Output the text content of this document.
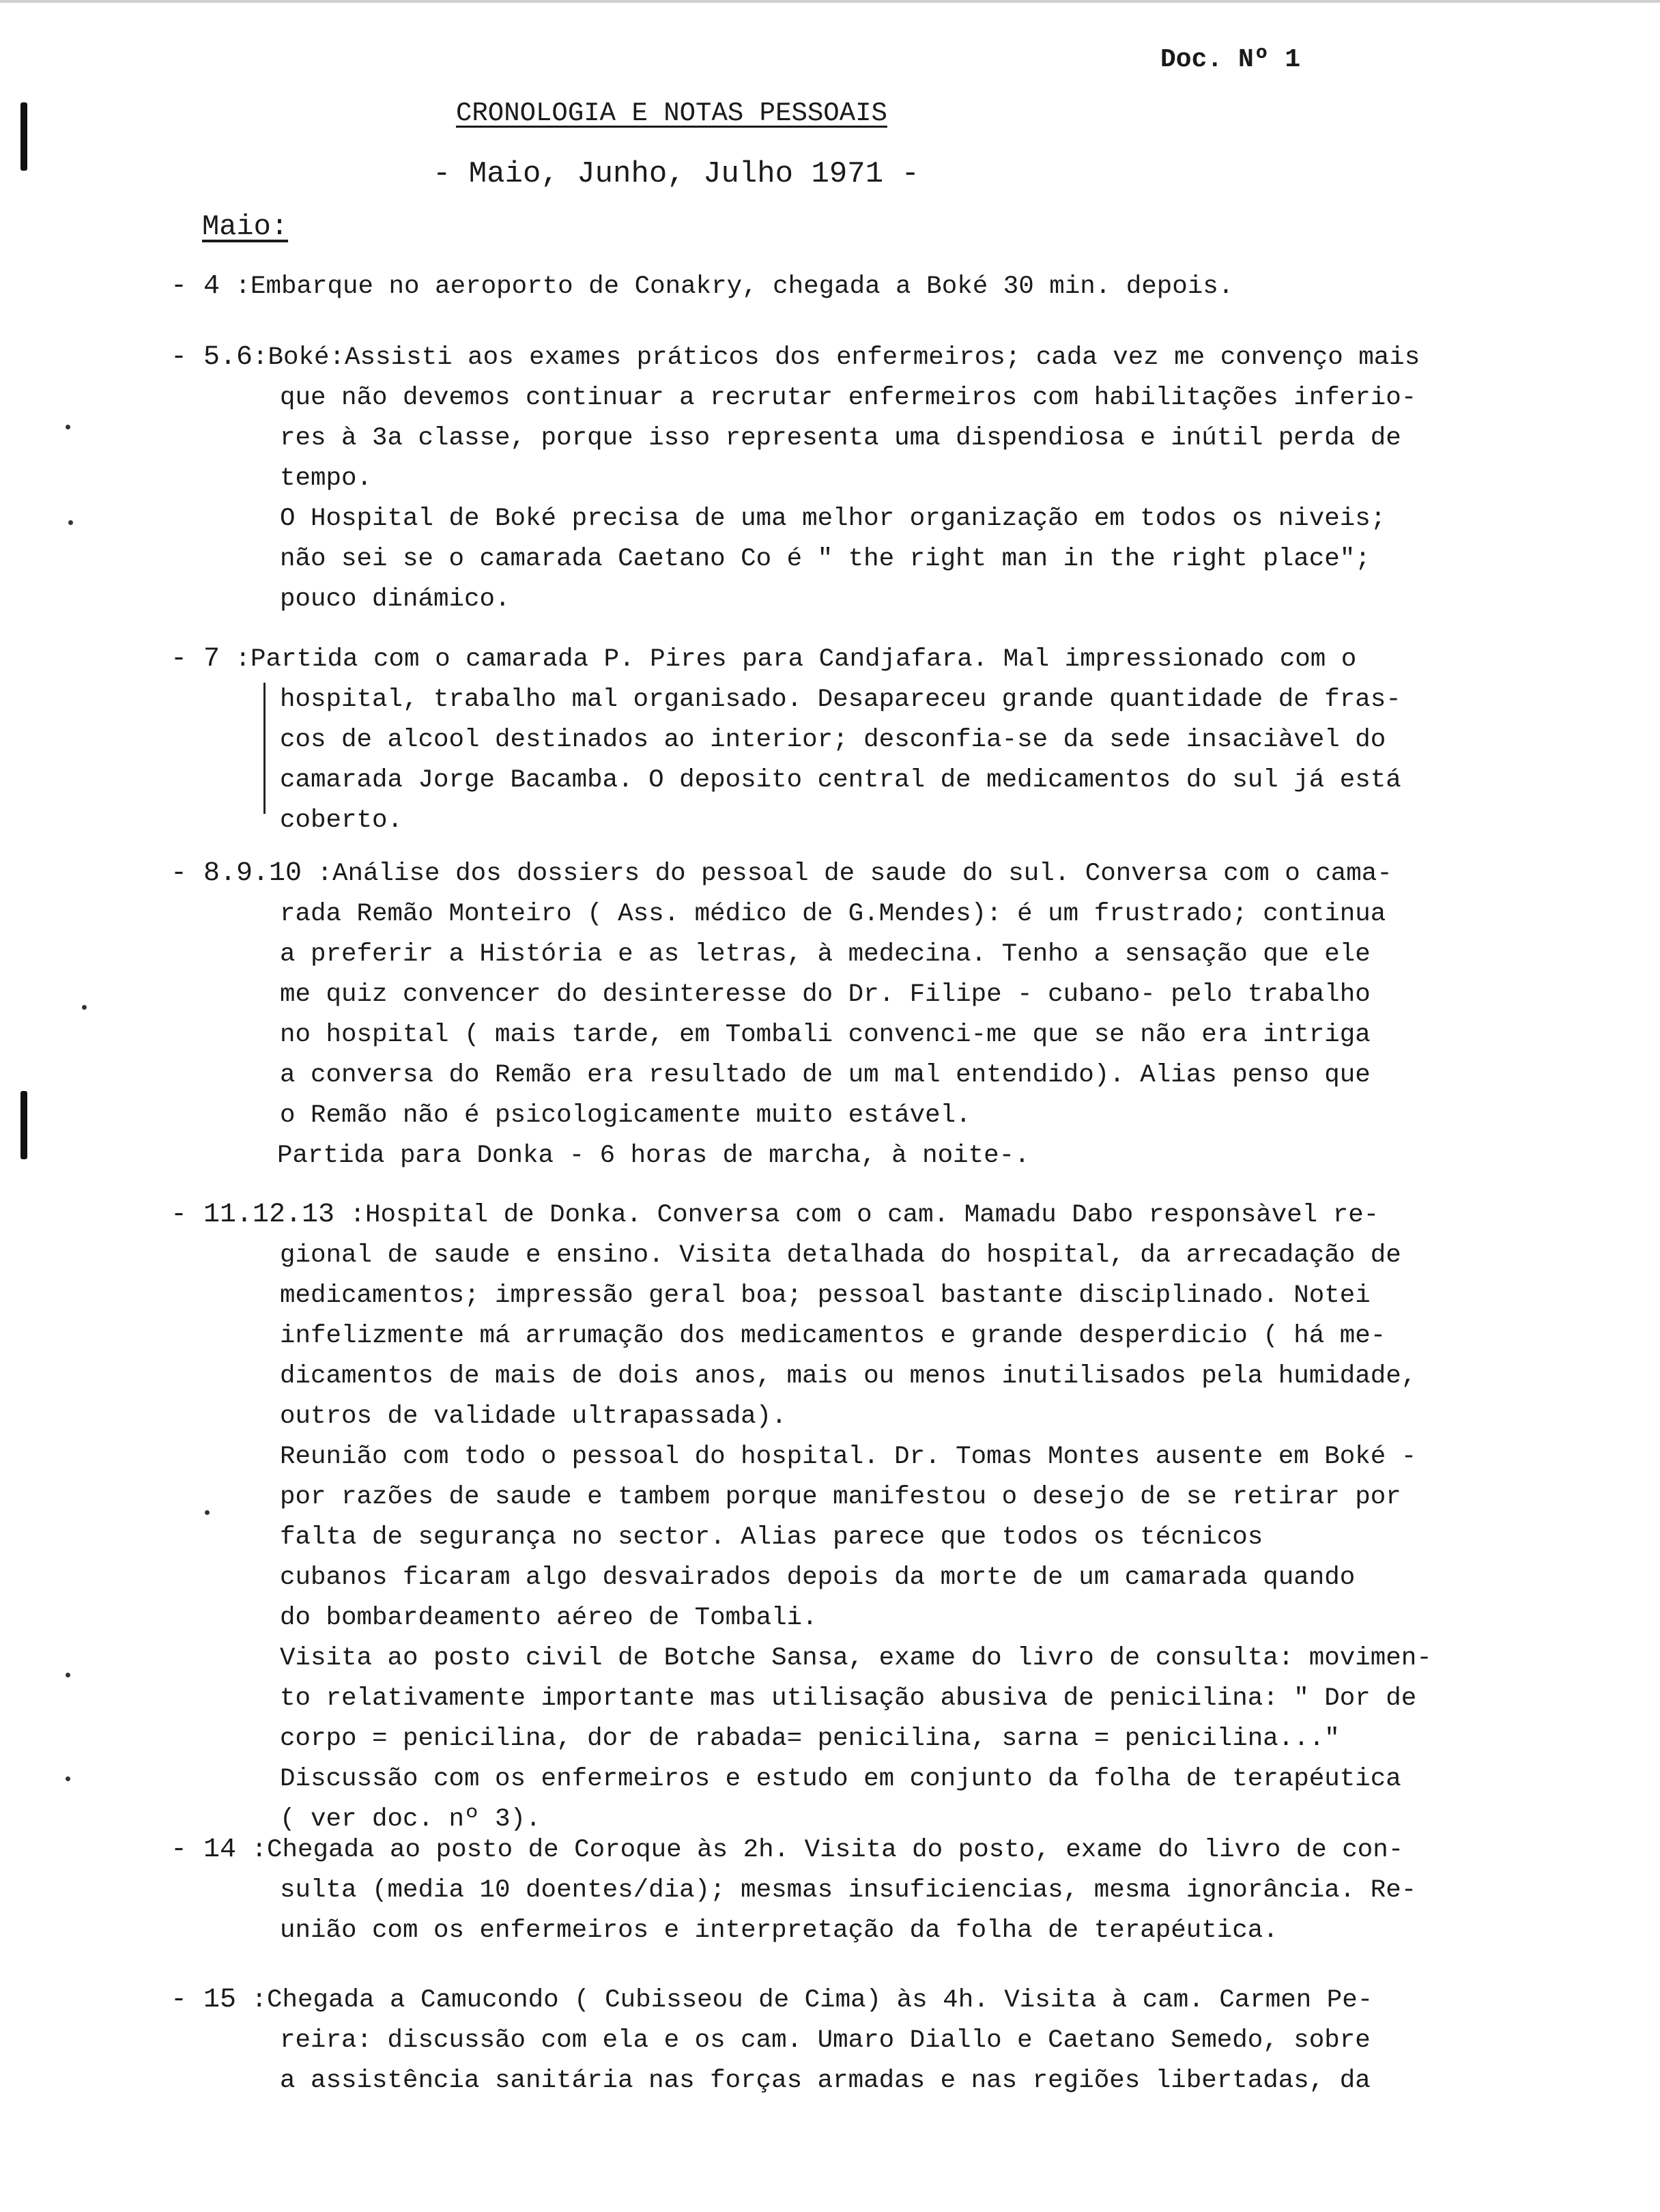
Doc. Nº 1
CRONOLOGIA E NOTAS PESSOAIS
- Maio, Junho, Julho 1971 -
Maio:
- 4 :Embarque no aeroporto de Conakry, chegada a Boké 30 min. depois.
- 5.6:Boké:Assisti aos exames práticos dos enfermeiros; cada vez me convenço mais
que não devemos continuar a recrutar enfermeiros com habilitações inferio-
res à 3a classe, porque isso representa uma dispendiosa e inútil perda de
tempo.
O Hospital de Boké precisa de uma melhor organização em todos os niveis;
não sei se o camarada Caetano Co é " the right man in the right place";
pouco dinámico.
- 7 :Partida com o camarada P. Pires para Candjafara. Mal impressionado com o
hospital, trabalho mal organisado. Desapareceu grande quantidade de fras-
cos de alcool destinados ao interior; desconfia-se da sede insaciàvel do
camarada Jorge Bacamba. O deposito central de medicamentos do sul já está
coberto.
- 8.9.10 :Análise dos dossiers do pessoal de saude do sul. Conversa com o cama-
rada Remão Monteiro ( Ass. médico de G.Mendes): é um frustrado; continua
a preferir a História e as letras, à medecina. Tenho a sensação que ele
me quiz convencer do desinteresse do Dr. Filipe - cubano- pelo trabalho
no hospital ( mais tarde, em Tombali convenci-me que se não era intriga
a conversa do Remão era resultado de um mal entendido). Alias penso que
o Remão não é psicologicamente muito estável.
Partida para Donka - 6 horas de marcha, à noite-.
- 11.12.13 :Hospital de Donka. Conversa com o cam. Mamadu Dabo responsàvel re-
gional de saude e ensino. Visita detalhada do hospital, da arrecadação de
medicamentos; impressão geral boa; pessoal bastante disciplinado. Notei
infelizmente má arrumação dos medicamentos e grande desperdicio ( há me-
dicamentos de mais de dois anos, mais ou menos inutilisados pela humidade,
outros de validade ultrapassada).
Reunião com todo o pessoal do hospital. Dr. Tomas Montes ausente em Boké -
por razões de saude e tambem porque manifestou o desejo de se retirar por
falta de segurança no sector. Alias parece que todos os técnicos
cubanos ficaram algo desvairados depois da morte de um camarada quando
do bombardeamento aéreo de Tombali.
Visita ao posto civil de Botche Sansa, exame do livro de consulta: movimen-
to relativamente importante mas utilisação abusiva de penicilina: " Dor de
corpo = penicilina, dor de rabada= penicilina, sarna = penicilina..."
Discussão com os enfermeiros e estudo em conjunto da folha de terapéutica
( ver doc. nº 3).
- 14 :Chegada ao posto de Coroque às 2h. Visita do posto, exame do livro de con-
sulta (media 10 doentes/dia); mesmas insuficiencias, mesma ignorância. Re-
união com os enfermeiros e interpretação da folha de terapéutica.
- 15 :Chegada a Camucondo ( Cubisseou de Cima) às 4h. Visita à cam. Carmen Pe-
reira: discussão com ela e os cam. Umaro Diallo e Caetano Semedo, sobre
a assistência sanitária nas forças armadas e nas regiões libertadas, da
